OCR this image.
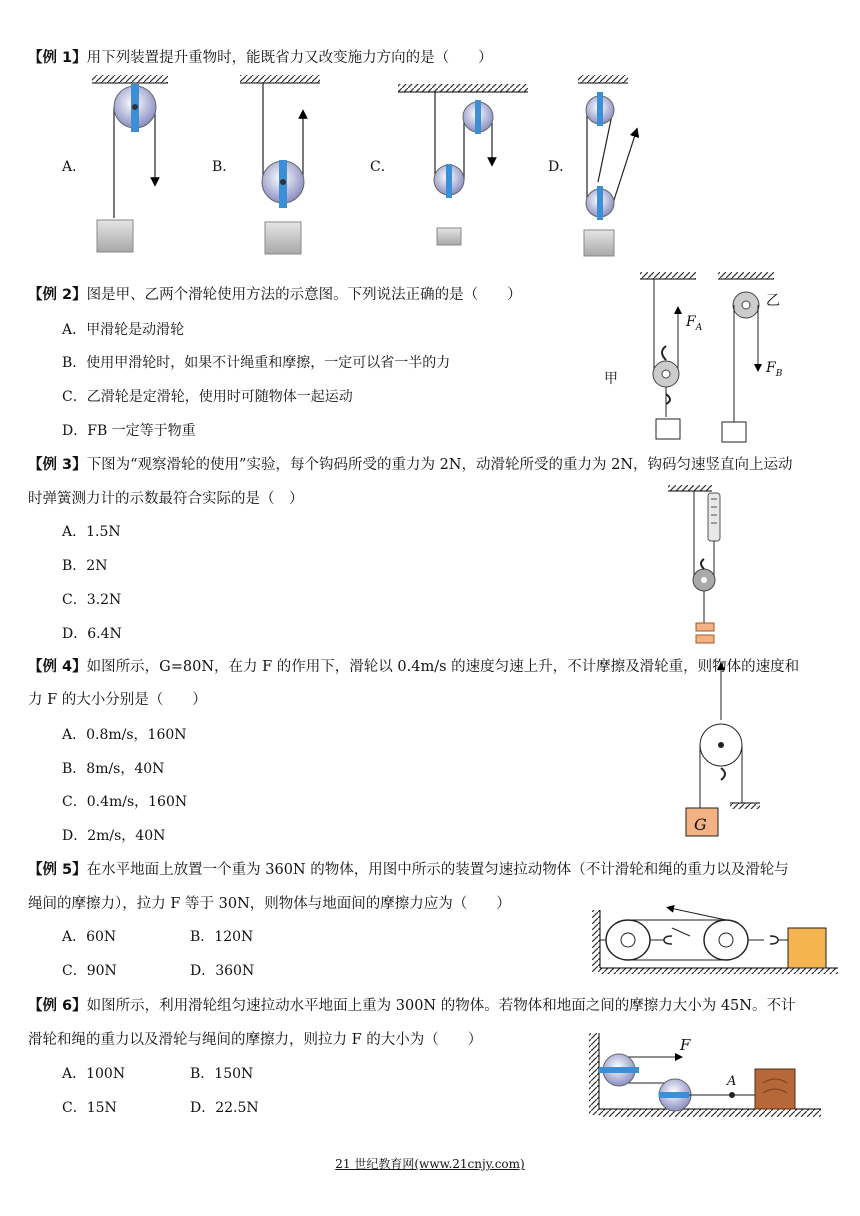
【例 1】用下列装置提升重物时，能既省力又改变施力方向的是（　　）
A．	B．	C．	D．
【例 2】图是甲、乙两个滑轮使用方法的示意图。下列说法正确的是（　　）
A．甲滑轮是动滑轮
B．使用甲滑轮时，如果不计绳重和摩擦，一定可以省一半的力
C．乙滑轮是定滑轮，使用时可随物体一起运动
D．FB 一定等于物重
甲
乙
$F_A$
$F_B$
【例 3】下图为“观察滑轮的使用”实验，每个钩码所受的重力为 2N，动滑轮所受的重力为 2N，钩码匀速竖直向上运动
时弹簧测力计的示数最符合实际的是（　）
A．1.5N
B．2N
C．3.2N
D．6.4N
【例 4】如图所示，G=80N，在力 F 的作用下，滑轮以 0.4m/s 的速度匀速上升，不计摩擦及滑轮重，则物体的速度和
力 F 的大小分别是（　　）
A．0.8m/s，160N
B．8m/s，40N
C．0.4m/s，160N
D．2m/s，40N
G
【例 5】在水平地面上放置一个重为 360N 的物体，用图中所示的装置匀速拉动物体（不计滑轮和绳的重力以及滑轮与
绳间的摩擦力），拉力 F 等于 30N，则物体与地面间的摩擦力应为（　　）
A．60N	B．120N
C．90N	D．360N
【例 6】如图所示，利用滑轮组匀速拉动水平地面上重为 300N 的物体。若物体和地面之间的摩擦力大小为 45N。不计
滑轮和绳的重力以及滑轮与绳间的摩擦力，则拉力 F 的大小为（　　）
A．100N	B．150N
C．15N	D．22.5N
F
A
21 世纪教育网(www.21cnjy.com)
